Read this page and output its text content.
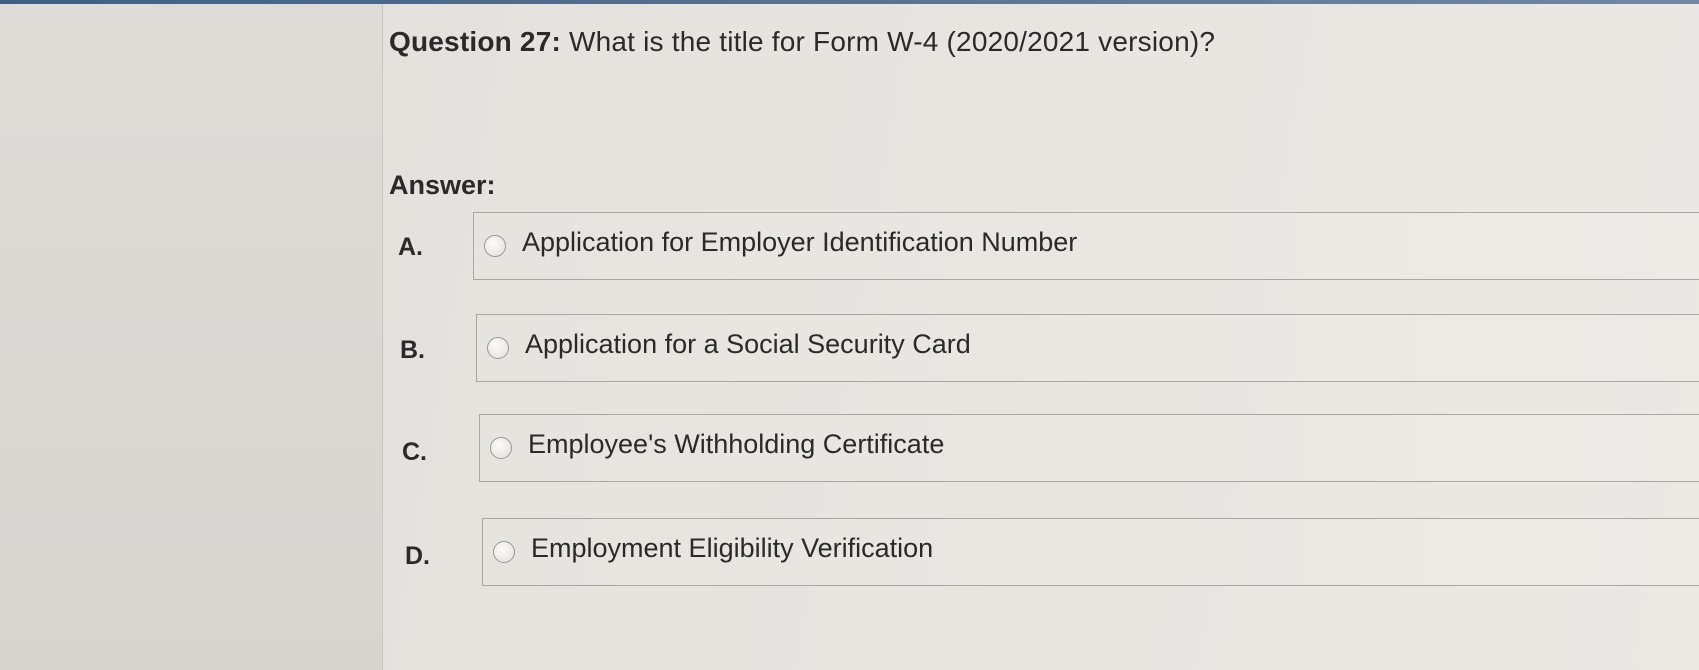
Question 27: What is the title for Form W-4 (2020/2021 version)?
Answer:
A.	Application for Employer Identification Number
B.	Application for a Social Security Card
C.	Employee's Withholding Certificate
D.	Employment Eligibility Verification
